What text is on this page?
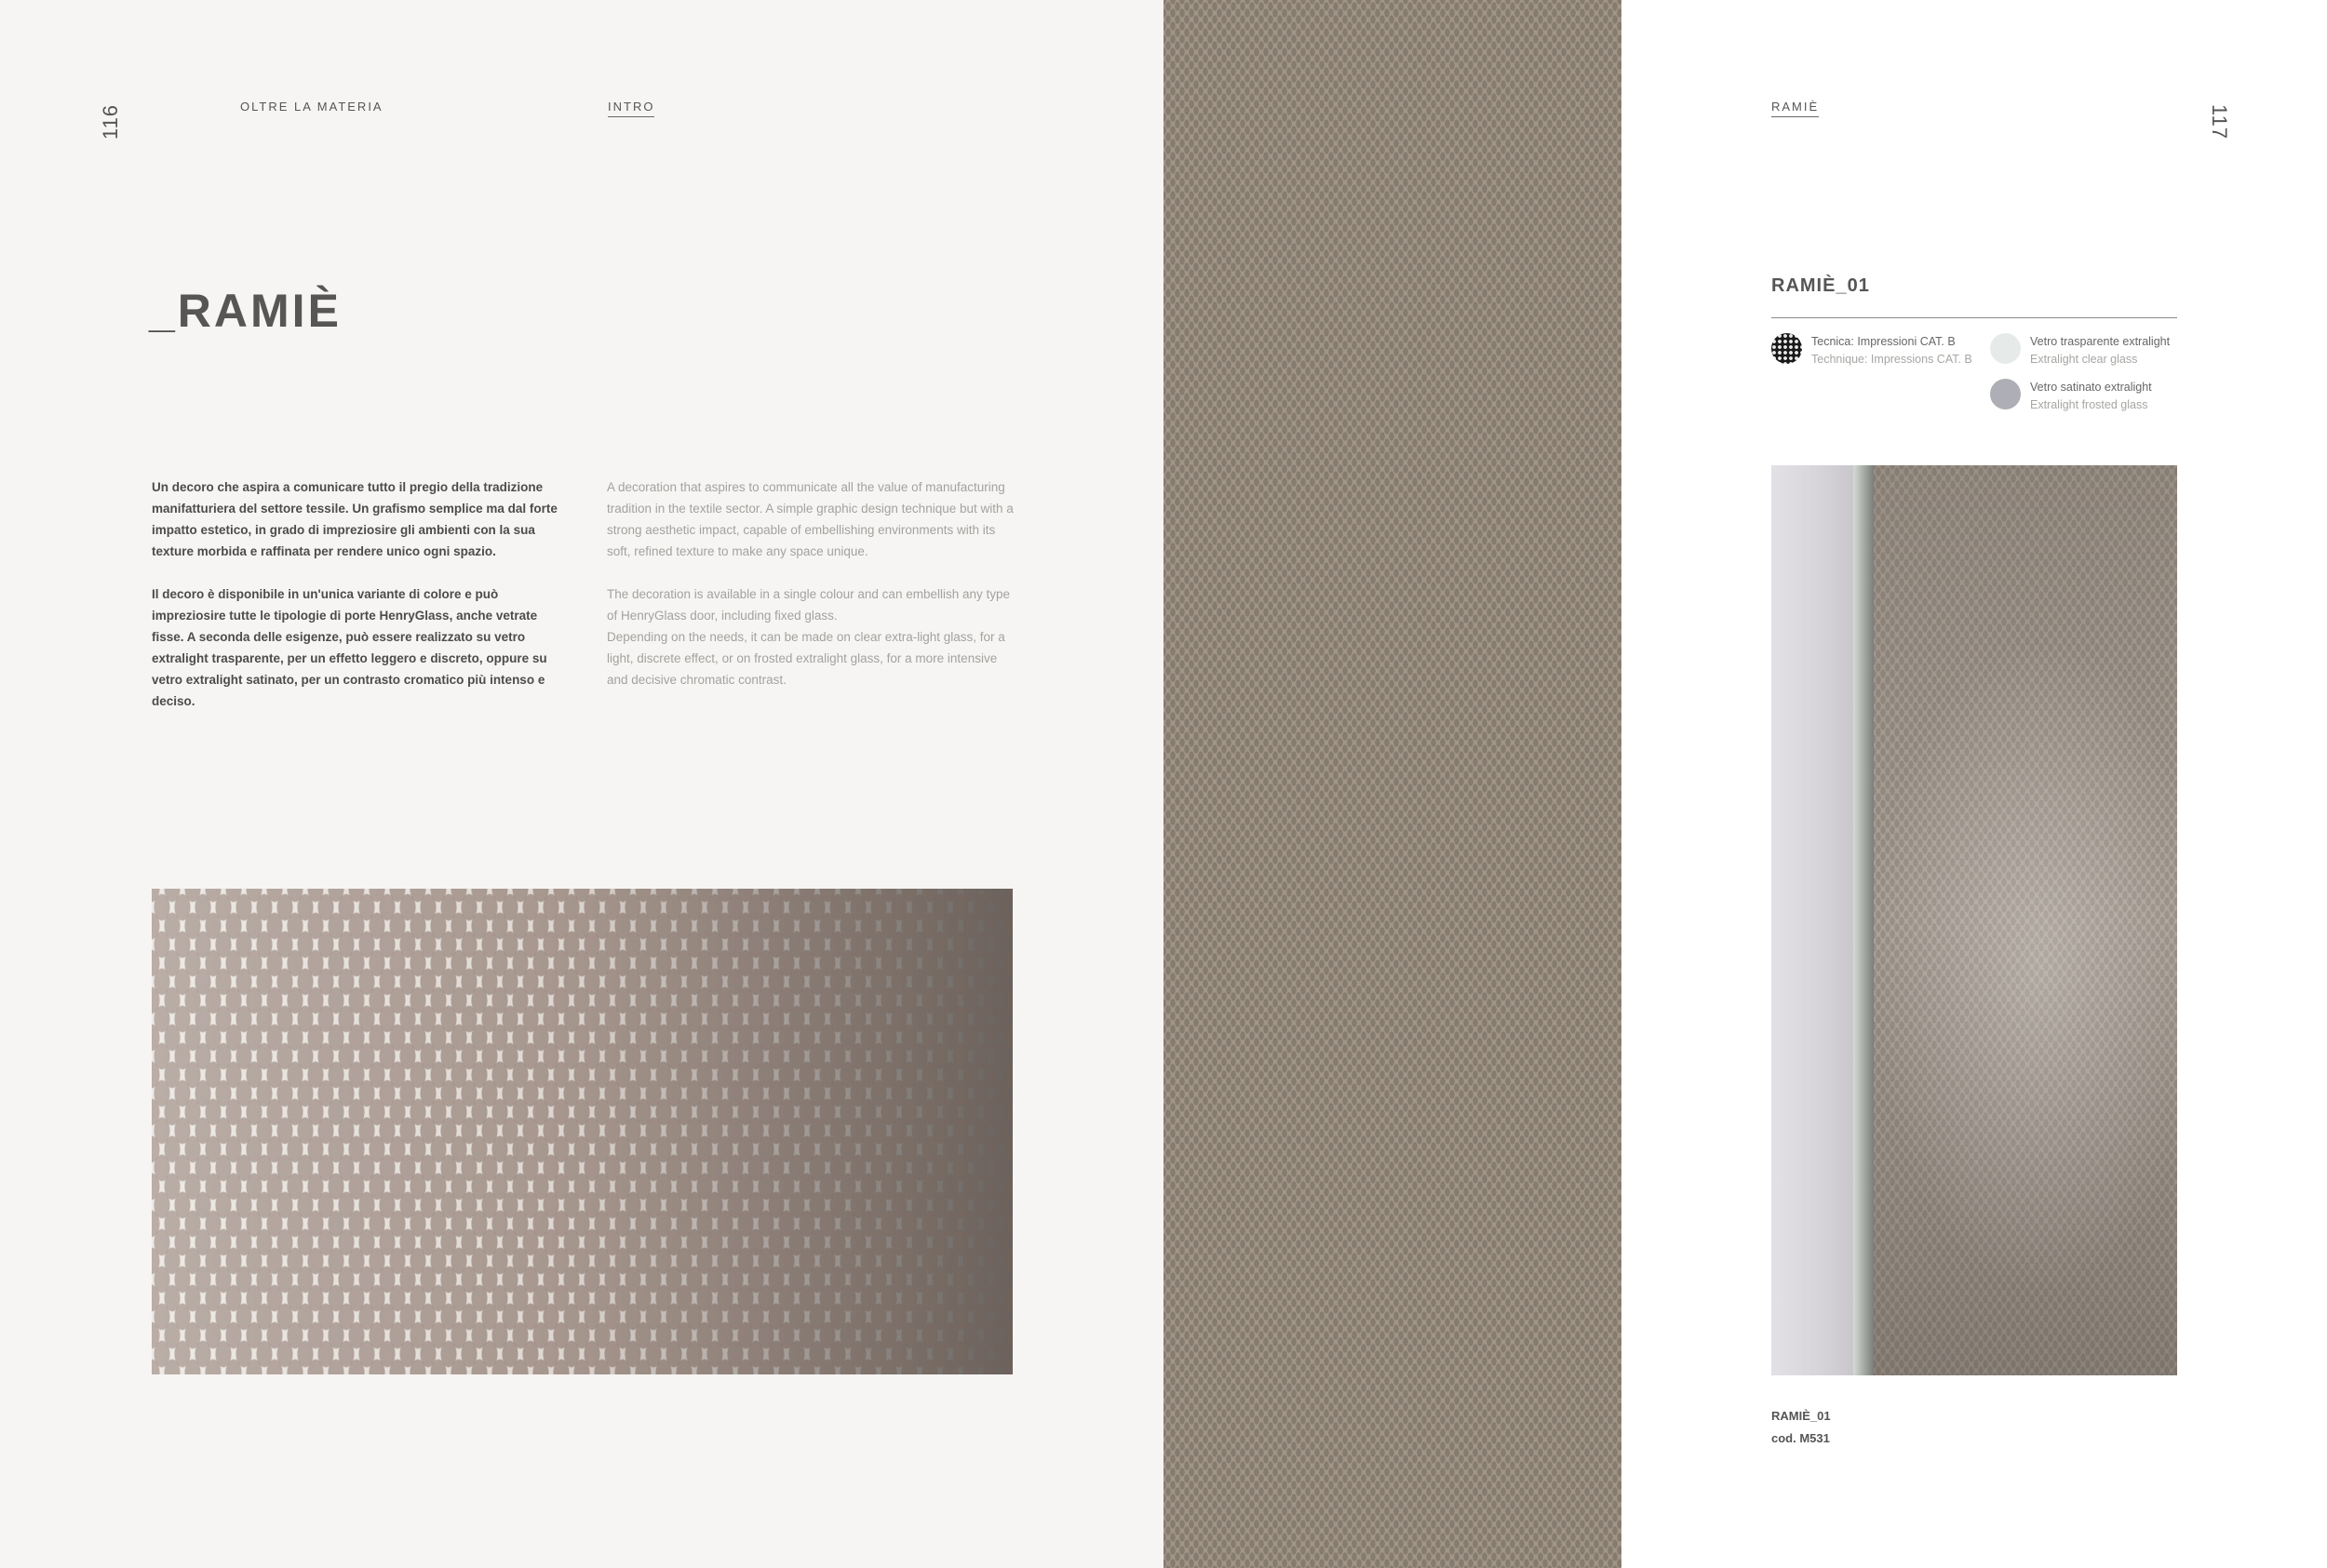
116	OLTRE LA MATERIA	INTRO
_RAMIÈ

Un decoro che aspira a comunicare tutto il pregio della tradizione manifatturiera del settore tessile. Un grafismo semplice ma dal forte impatto estetico, in grado di impreziosire gli ambienti con la sua texture morbida e raffinata per rendere unico ogni spazio.

Il decoro è disponibile in un'unica variante di colore e può impreziosire tutte le tipologie di porte HenryGlass, anche vetrate fisse. A seconda delle esigenze, può essere realizzato su vetro extralight trasparente, per un effetto leggero e discreto, oppure su vetro extralight satinato, per un contrasto cromatico più intenso e deciso.

A decoration that aspires to communicate all the value of manufacturing tradition in the textile sector. A simple graphic design technique but with a strong aesthetic impact, capable of embellishing environments with its soft, refined texture to make any space unique.

The decoration is available in a single colour and can embellish any type of HenryGlass door, including fixed glass.

Depending on the needs, it can be made on clear extra-light glass, for a light, discrete effect, or on frosted extralight glass, for a more intensive and decisive chromatic contrast.
117
RAMIÈ
RAMIÈ_01
Tecnica: Impressioni CAT. B
Technique: Impressions CAT. B
Vetro trasparente extralight
Extralight clear glass
Vetro satinato extralight
Extralight frosted glass
RAMIÈ_01
cod. M531
